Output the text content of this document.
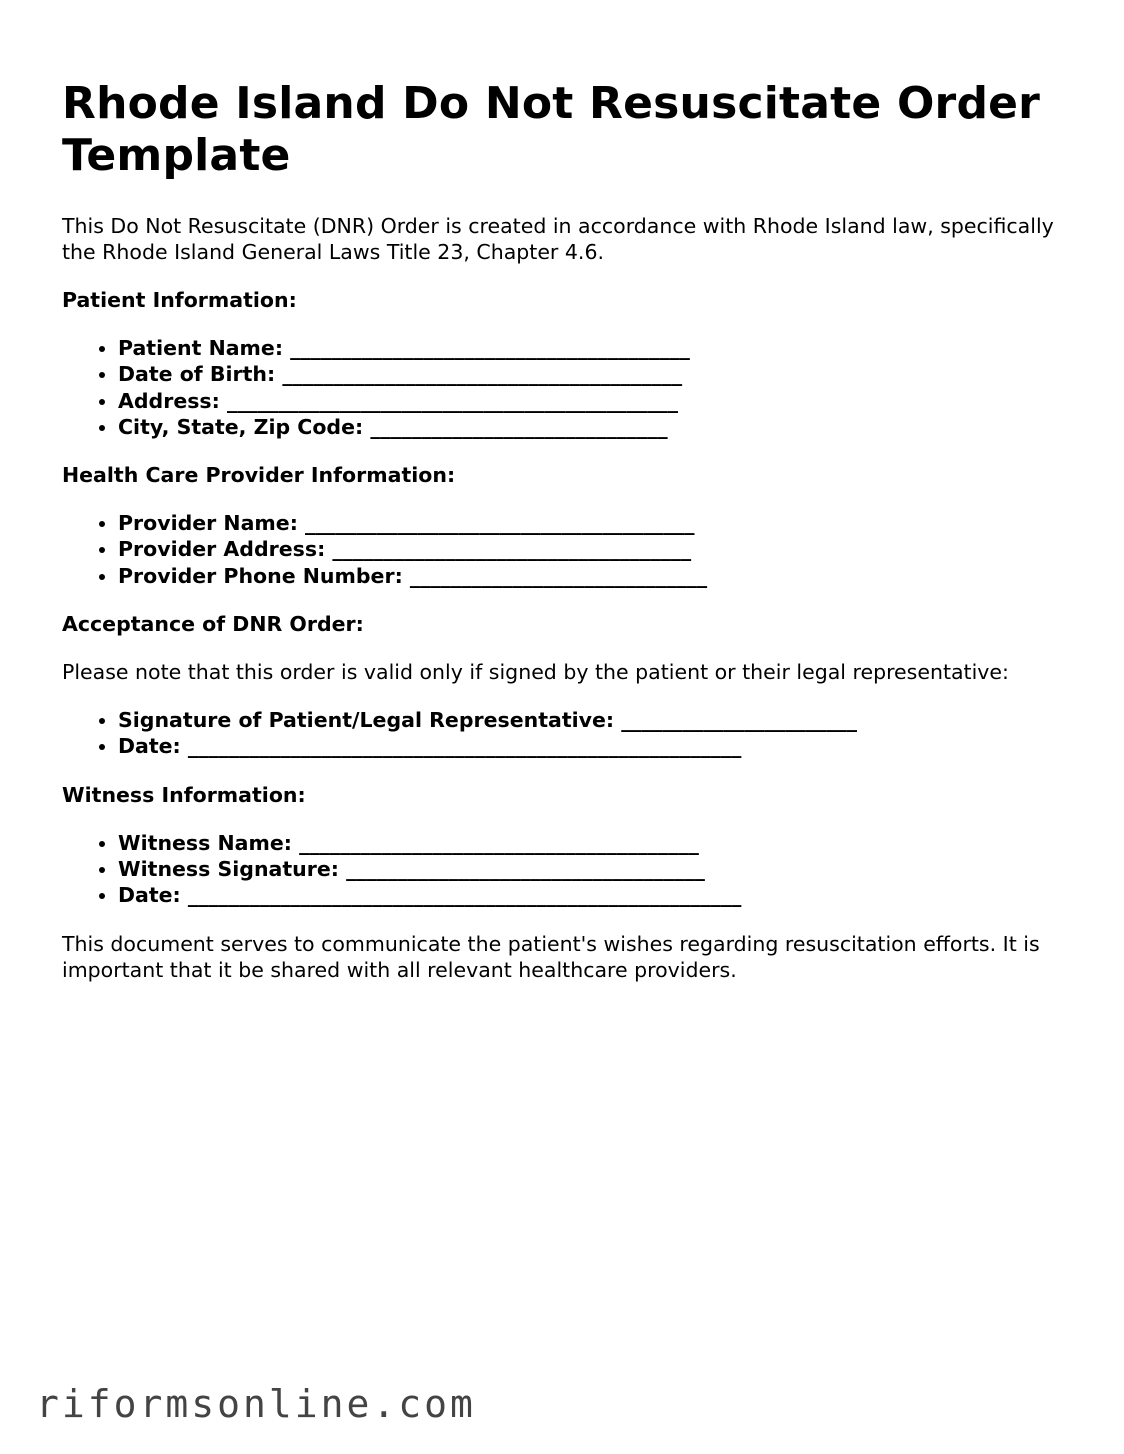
Rhode Island Do Not Resuscitate Order Template

This Do Not Resuscitate (DNR) Order is created in accordance with Rhode Island law, specifically the Rhode Island General Laws Title 23, Chapter 4.6.

Patient Information:
• Patient Name: _______________________________________
• Date of Birth: _______________________________________
• Address: ____________________________________________
• City, State, Zip Code: _____________________________
Health Care Provider Information:
• Provider Name: ______________________________________
• Provider Address: ___________________________________
• Provider Phone Number: _____________________________
Acceptance of DNR Order:

Please note that this order is valid only if signed by the patient or their legal representative:

• Signature of Patient/Legal Representative: _______________________
• Date: ______________________________________________________
Witness Information:
• Witness Name: _______________________________________
• Witness Signature: ___________________________________
• Date: ______________________________________________________

This document serves to communicate the patient's wishes regarding resuscitation efforts. It is important that it be shared with all relevant healthcare providers.

riformsonline.com
